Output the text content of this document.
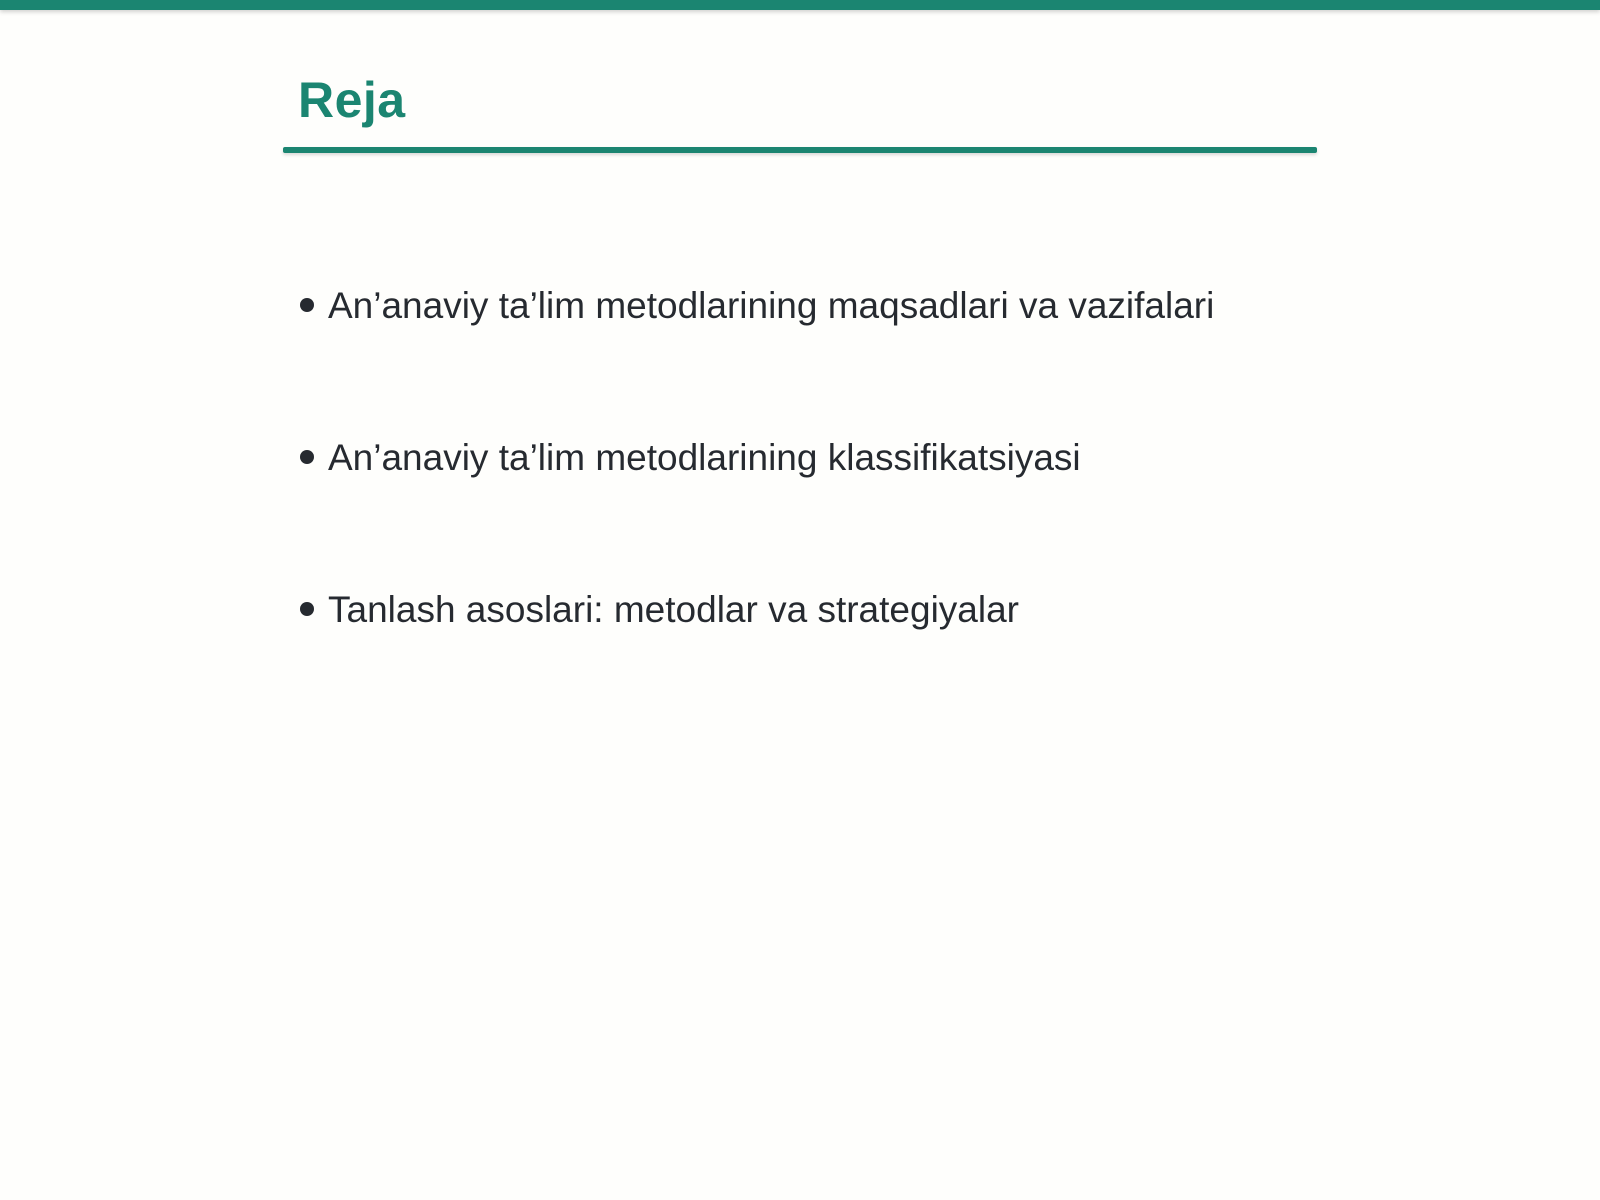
Reja
An’anaviy ta’lim metodlarining maqsadlari va vazifalari
An’anaviy ta’lim metodlarining klassifikatsiyasi
Tanlash asoslari: metodlar va strategiyalar
